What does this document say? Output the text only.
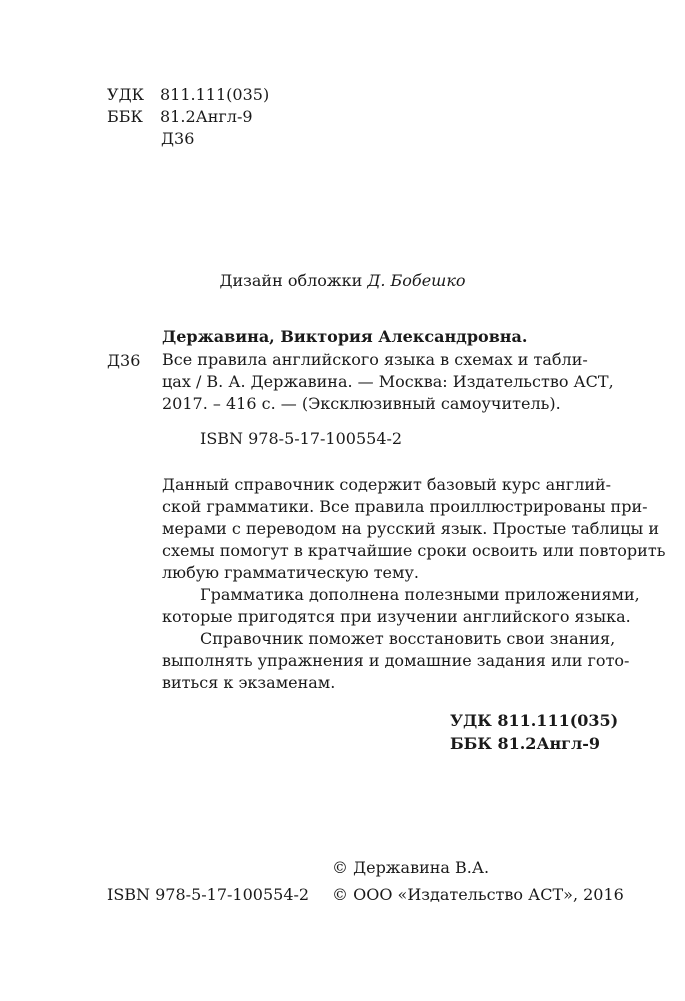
УДК	811.111(035)
ББК	81.2Англ-9
Д36
Дизайн обложки Д. Бобешко
Державина, Виктория Александровна.
Д36 Все правила английского языка в схемах и табли-
цах / В. А. Державина. — Москва: Издательство АСТ,
2017. – 416 с. — (Эксклюзивный самоучитель).
ISBN 978-5-17-100554-2
Данный справочник содержит базовый курс англий-
ской грамматики. Все правила проиллюстрированы при-
мерами с переводом на русский язык. Простые таблицы и
схемы помогут в кратчайшие сроки освоить или повторить
любую грамматическую тему.
Грамматика дополнена полезными приложениями,
которые пригодятся при изучении английского языка.
Справочник поможет восстановить свои знания,
выполнять упражнения и домашние задания или гото-
виться к экзаменам.
УДК 811.111(035)
ББК 81.2Англ-9
© Державина В.А.
© ООО «Издательство АСТ», 2016
ISBN 978-5-17-100554-2
